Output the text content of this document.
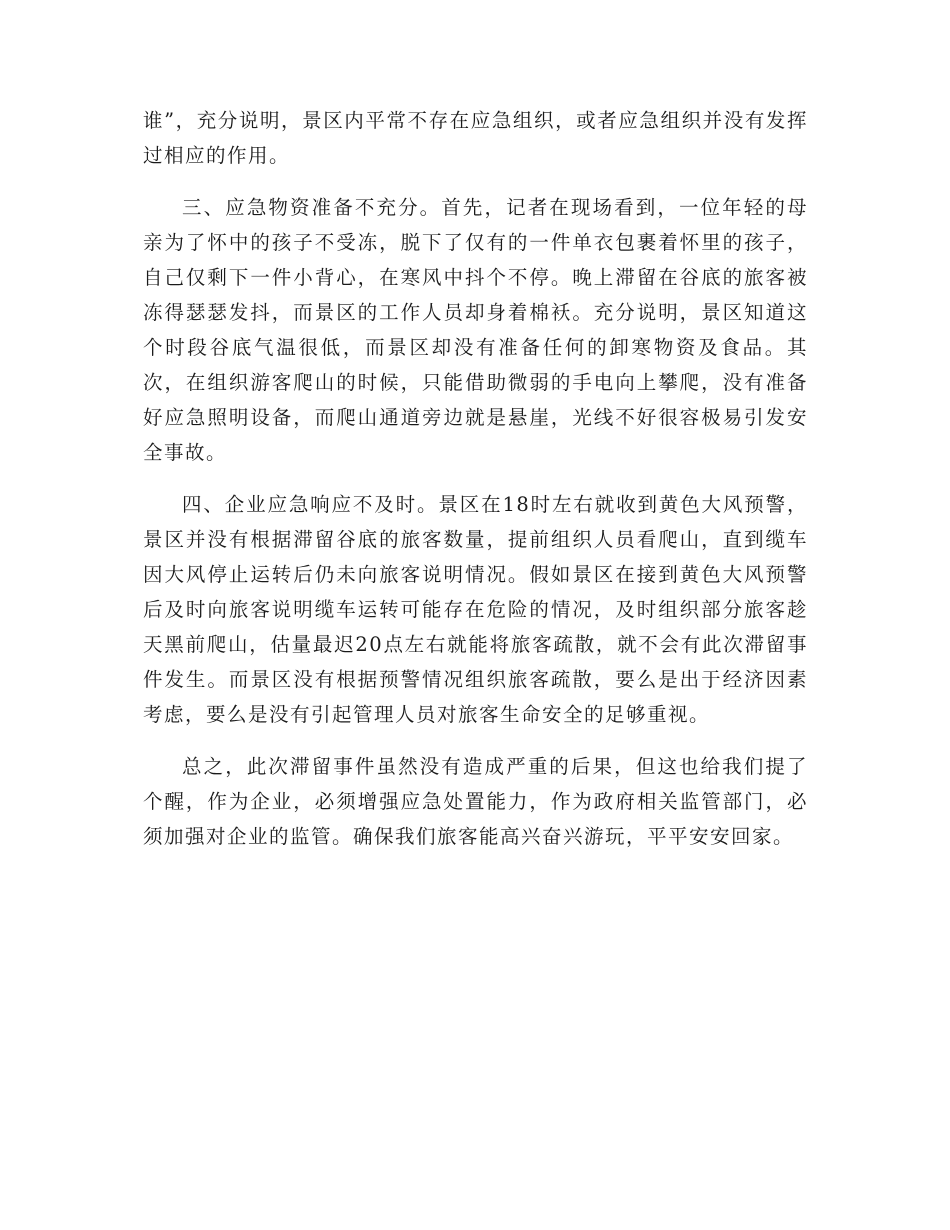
谁”，充分说明，景区内平常不存在应急组织，或者应急组织并没有发挥过相应的作用。

三、应急物资准备不充分。首先，记者在现场看到，一位年轻的母亲为了怀中的孩子不受冻，脱下了仅有的一件单衣包裹着怀里的孩子，自己仅剩下一件小背心，在寒风中抖个不停。晚上滞留在谷底的旅客被冻得瑟瑟发抖，而景区的工作人员却身着棉袄。充分说明，景区知道这个时段谷底气温很低，而景区却没有准备任何的卸寒物资及食品。其次，在组织游客爬山的时候，只能借助微弱的手电向上攀爬，没有准备好应急照明设备，而爬山通道旁边就是悬崖，光线不好很容极易引发安全事故。

四、企业应急响应不及时。景区在18时左右就收到黄色大风预警，景区并没有根据滞留谷底的旅客数量，提前组织人员看爬山，直到缆车因大风停止运转后仍未向旅客说明情况。假如景区在接到黄色大风预警后及时向旅客说明缆车运转可能存在危险的情况，及时组织部分旅客趁天黑前爬山，估量最迟20点左右就能将旅客疏散，就不会有此次滞留事件发生。而景区没有根据预警情况组织旅客疏散，要么是出于经济因素考虑，要么是没有引起管理人员对旅客生命安全的足够重视。

总之，此次滞留事件虽然没有造成严重的后果，但这也给我们提了个醒，作为企业，必须增强应急处置能力，作为政府相关监管部门，必须加强对企业的监管。确保我们旅客能高兴奋兴游玩，平平安安回家。
